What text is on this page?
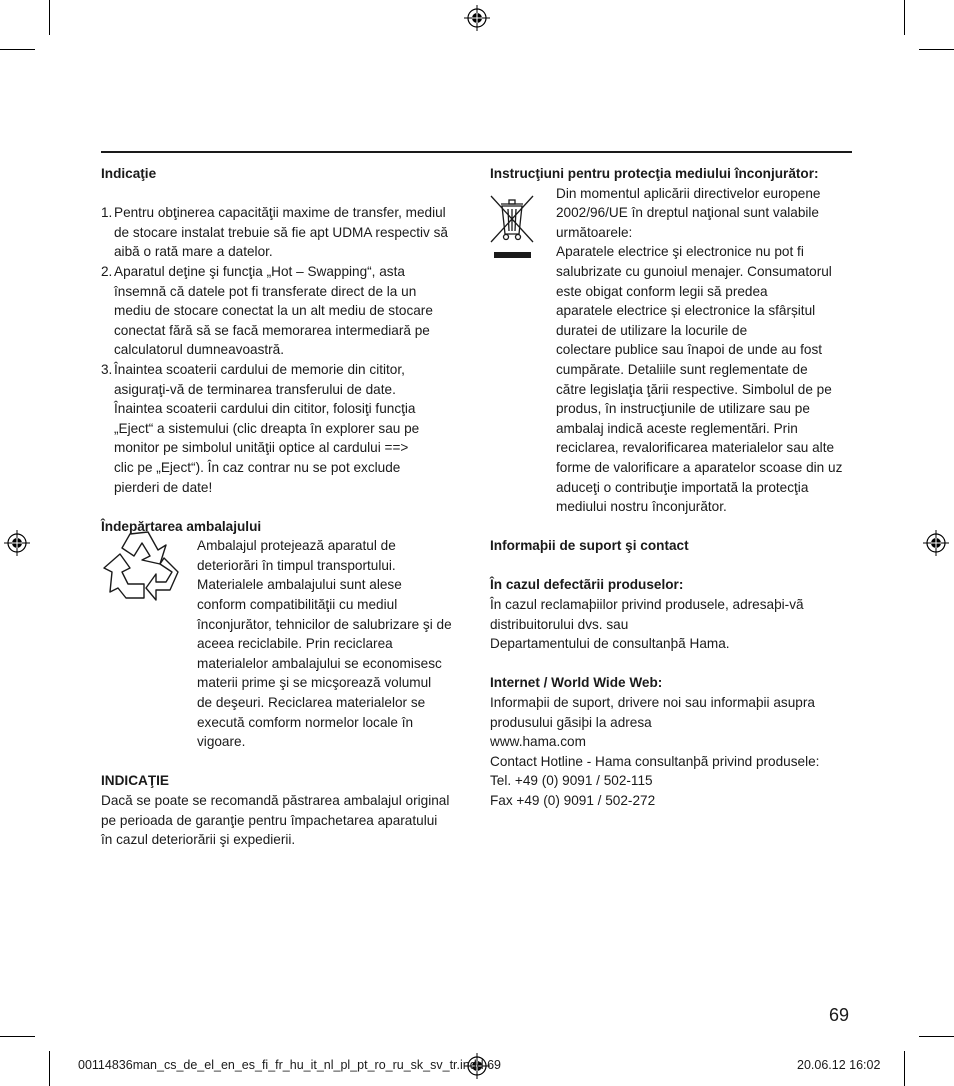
Indicaţie

1. Pentru obţinerea capacităţii maxime de transfer, mediul

de stocare instalat trebuie să fie apt UDMA respectiv să

aibă o rată mare a datelor.

2. Aparatul deţine şi funcţia „Hot – Swapping“, asta

însemnă că datele pot fi transferate direct de la un

mediu de stocare conectat la un alt mediu de stocare

conectat fără să se facă memorarea intermediară pe

calculatorul dumneavoastră.

3. Înaintea scoaterii cardului de memorie din cititor,

asiguraţi-vă de terminarea transferului de date.

Înaintea scoaterii cardului din cititor, folosiţi funcţia

„Eject“ a sistemului (clic dreapta în explorer sau pe

monitor pe simbolul unităţii optice al cardului ==>

clic pe „Eject“). În caz contrar nu se pot exclude

pierderi de date!

Îndepărtarea ambalajului

Ambalajul protejează aparatul de

deteriorări în timpul transportului.

Materialele ambalajului sunt alese

conform compatibilităţii cu mediul

înconjurător, tehnicilor de salubrizare şi de

aceea reciclabile. Prin reciclarea

materialelor ambalajului se economisesc

materii prime şi se micşorează volumul

de deşeuri. Reciclarea materialelor se

execută comform normelor locale în

vigoare.

INDICAŢIE

Dacă se poate se recomandă păstrarea ambalajul original

pe perioada de garanţie pentru împachetarea aparatului

în cazul deteriorării şi expedierii.

Instrucţiuni pentru protecţia mediului înconjurător:

Din momentul aplicării directivelor europene

2002/96/UE în dreptul naţional sunt valabile

următoarele:

Aparatele electrice şi electronice nu pot fi

salubrizate cu gunoiul menajer. Consumatorul

este obigat conform legii să predea

aparatele electrice și electronice la sfârșitul

duratei de utilizare la locurile de

colectare publice sau înapoi de unde au fost

cumpărate. Detaliile sunt reglementate de

către legislaţia ţării respective. Simbolul de pe

produs, în instrucţiunile de utilizare sau pe

ambalaj indică aceste reglementări. Prin

reciclarea, revalorificarea materialelor sau alte

forme de valorificare a aparatelor scoase din uz

aduceţi o contribuţie importată la protecţia

mediului nostru înconjurător.

Informaþii de suport şi contact

În cazul defectãrii produselor:

În cazul reclamaþiilor privind produsele, adresaþi-vã

distribuitorului dvs. sau

Departamentului de consultanþã Hama.

Internet / World Wide Web:

Informaþii de suport, drivere noi sau informaþii asupra

produsului gãsiþi la adresa

www.hama.com

Contact Hotline - Hama consultanþã privind produsele:

Tel. +49 (0) 9091 / 502-115

Fax +49 (0) 9091 / 502-272

69
00114836man_cs_de_el_en_es_fi_fr_hu_it_nl_pl_pt_ro_ru_sk_sv_tr.indd 69	20.06.12 16:02
